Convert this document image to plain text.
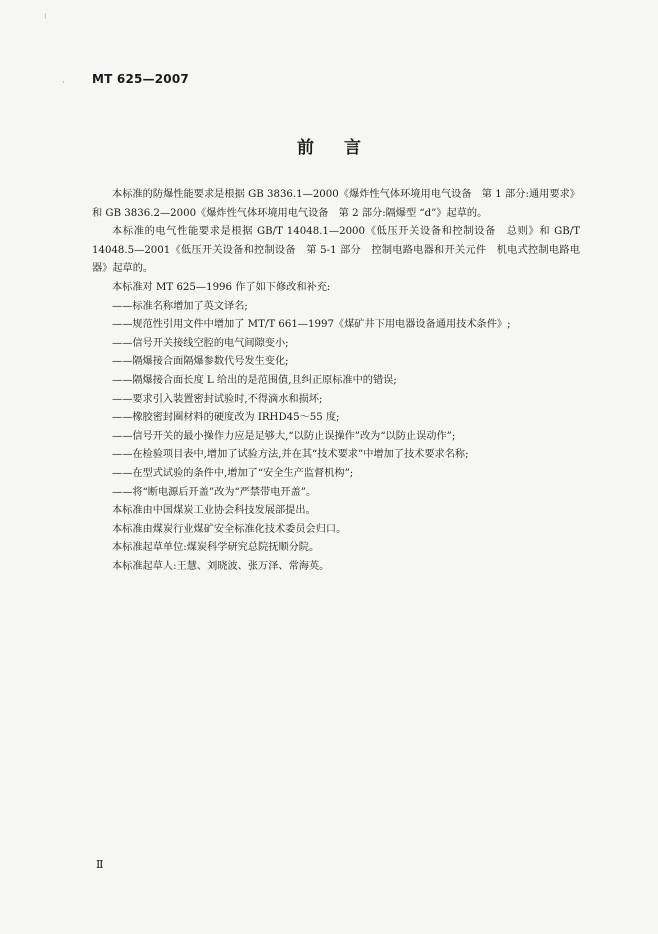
⁝
· MT 625—2007
前言

本标准的防爆性能要求是根据 GB 3836.1—2000《爆炸性气体环境用电气设备　第 1 部分:通用要求》和 GB 3836.2—2000《爆炸性气体环境用电气设备　第 2 部分:隔爆型 “d”》起草的。

本标准的电气性能要求是根据 GB/T 14048.1—2000《低压开关设备和控制设备　总则》和 GB/T 14048.5—2001《低压开关设备和控制设备　第 5-1 部分　控制电路电器和开关元件　机电式控制电路电器》起草的。

本标准对 MT 625—1996 作了如下修改和补充:

——标准名称增加了英文译名;

——规范性引用文件中增加了 MT/T 661—1997《煤矿井下用电器设备通用技术条件》;

——信号开关接线空腔的电气间隙变小;

——隔爆接合面隔爆参数代号发生变化;

——隔爆接合面长度 L 给出的是范围值,且纠正原标准中的错误;

——要求引入装置密封试验时,不得滴水和损坏;

——橡胶密封圈材料的硬度改为 IRHD45～55 度;

——信号开关的最小操作力应是足够大,“以防止误操作”改为“以防止误动作”;

——在检验项目表中,增加了试验方法,并在其“技术要求”中增加了技术要求名称;

——在型式试验的条件中,增加了“安全生产监督机构”;

——将“断电源后开盖”改为“严禁带电开盖”。

本标准由中国煤炭工业协会科技发展部提出。

本标准由煤炭行业煤矿安全标准化技术委员会归口。

本标准起草单位:煤炭科学研究总院抚顺分院。

本标准起草人:王慧、刘晓波、张万泽、常海英。

Ⅱ
